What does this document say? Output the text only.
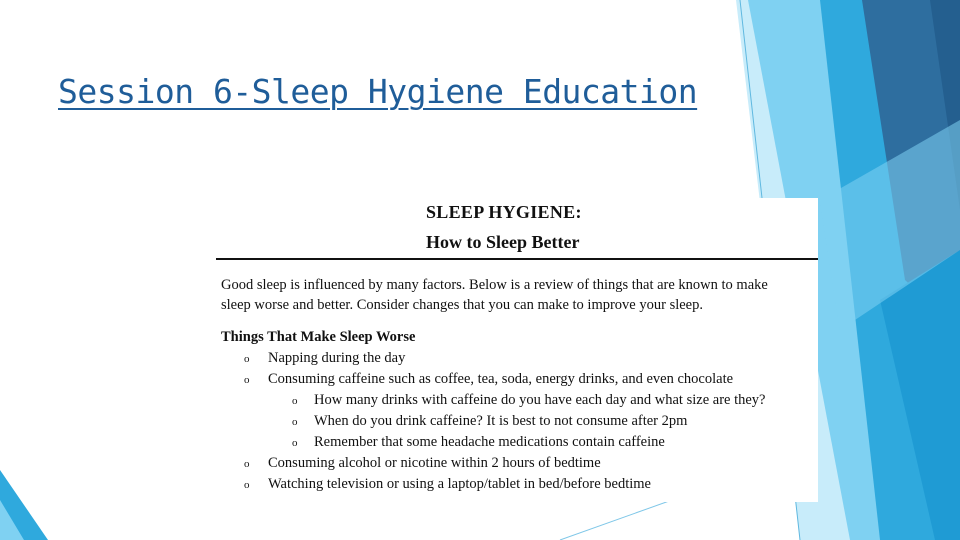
Session 6-Sleep Hygiene Education
SLEEP HYGIENE:
How to Sleep Better
Good sleep is influenced by many factors. Below is a review of things that are known to make
sleep worse and better. Consider changes that you can make to improve your sleep.
Things That Make Sleep Worse
o Napping during the day
o Consuming caffeine such as coffee, tea, soda, energy drinks, and even chocolate
o How many drinks with caffeine do you have each day and what size are they?
o When do you drink caffeine? It is best to not consume after 2pm
o Remember that some headache medications contain caffeine
o Consuming alcohol or nicotine within 2 hours of bedtime
o Watching television or using a laptop/tablet in bed/before bedtime
